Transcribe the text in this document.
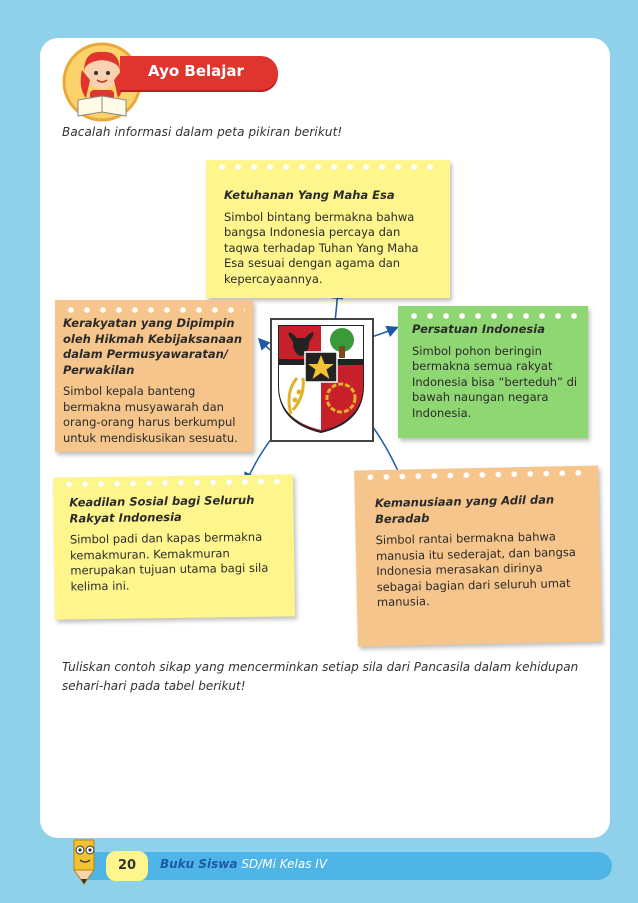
Ayo Belajar
Bacalah informasi dalam peta pikiran berikut!
Ketuhanan Yang Maha Esa
Simbol bintang bermakna bahwa bangsa Indonesia percaya dan taqwa terhadap Tuhan Yang Maha Esa sesuai dengan agama dan kepercayaannya.
Kerakyatan yang Dipimpin oleh Hikmah Kebijaksanaan dalam Permusyawaratan/ Perwakilan
Simbol kepala banteng bermakna musyawarah dan orang-orang harus berkumpul untuk mendiskusikan sesuatu.
Persatuan Indonesia
Simbol pohon beringin bermakna semua rakyat Indonesia bisa “berteduh” di bawah naungan negara Indonesia.
Keadilan Sosial bagi Seluruh Rakyat Indonesia
Simbol padi dan kapas bermakna kemakmuran. Kemakmuran merupakan tujuan utama bagi sila kelima ini.
Kemanusiaan yang Adil dan Beradab
Simbol rantai bermakna bahwa manusia itu sederajat, dan bangsa Indonesia merasakan dirinya sebagai bagian dari seluruh umat manusia.
Tuliskan contoh sikap yang mencerminkan setiap sila dari Pancasila dalam kehidupan sehari-hari pada tabel berikut!
20	Buku Siswa SD/Mi Kelas IV
